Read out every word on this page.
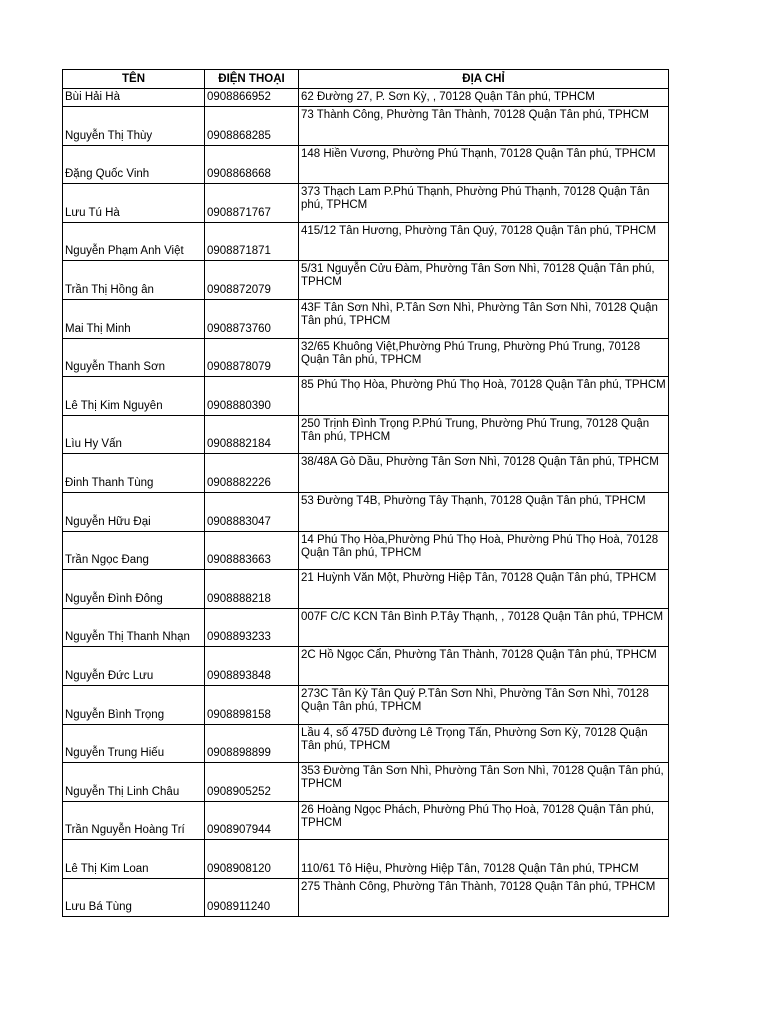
TÊN	ĐIỆN THOẠI	ĐỊA CHỈ
Bùi Hải Hà	0908866952	62 Đường 27, P. Sơn Kỳ, , 70128 Quận Tân phú, TPHCM
Nguyễn Thị Thùy	0908868285	73 Thành Công, Phường Tân Thành, 70128 Quận Tân phú, TPHCM
Đặng Quốc Vinh	0908868668	148 Hiền Vương, Phường Phú Thạnh, 70128 Quận Tân phú, TPHCM
Lưu Tú Hà	0908871767	373 Thạch Lam P.Phú Thạnh, Phường Phú Thạnh, 70128 Quận Tân phú, TPHCM
Nguyễn Phạm Anh Việt	0908871871	415/12 Tân Hương, Phường Tân Quý, 70128 Quận Tân phú, TPHCM
Trần Thị Hồng ân	0908872079	5/31 Nguyễn Cửu Đàm, Phường Tân Sơn Nhì, 70128 Quận Tân phú, TPHCM
Mai Thị Minh	0908873760	43F Tân Sơn Nhì, P.Tân Sơn Nhì, Phường Tân Sơn Nhì, 70128 Quận Tân phú, TPHCM
Nguyễn Thanh Sơn	0908878079	32/65 Khuông Việt,Phường Phú Trung, Phường Phú Trung, 70128 Quận Tân phú, TPHCM
Lê Thị Kim Nguyên	0908880390	85 Phú Thọ Hòa, Phường Phú Thọ Hoà, 70128 Quận Tân phú, TPHCM
Lìu Hy Vấn	0908882184	250 Trịnh Đình Trọng P.Phú Trung, Phường Phú Trung, 70128 Quận Tân phú, TPHCM
Đinh Thanh Tùng	0908882226	38/48A Gò Dầu, Phường Tân Sơn Nhì, 70128 Quận Tân phú, TPHCM
Nguyễn Hữu Đại	0908883047	53 Đường T4B, Phường Tây Thạnh, 70128 Quận Tân phú, TPHCM
Trần Ngọc Đang	0908883663	14 Phú Thọ Hòa,Phường Phú Thọ Hoà, Phường Phú Thọ Hoà, 70128 Quận Tân phú, TPHCM
Nguyễn Đình Đông	0908888218	21 Huỳnh Văn Một, Phường Hiệp Tân, 70128 Quận Tân phú, TPHCM
Nguyễn Thị Thanh Nhạn	0908893233	007F C/C KCN Tân Bình P.Tây Thạnh, , 70128 Quận Tân phú, TPHCM
Nguyễn Đức Lưu	0908893848	2C Hồ Ngọc Cẩn, Phường Tân Thành, 70128 Quận Tân phú, TPHCM
Nguyễn Bình Trọng	0908898158	273C Tân Kỳ Tân Quý P.Tân Sơn Nhì, Phường Tân Sơn Nhì, 70128 Quận Tân phú, TPHCM
Nguyễn Trung Hiếu	0908898899	Lầu 4, số 475D đường Lê Trọng Tấn, Phường Sơn Kỳ, 70128 Quận Tân phú, TPHCM
Nguyễn Thị Linh Châu	0908905252	353 Đường Tân Sơn Nhì, Phường Tân Sơn Nhì, 70128 Quận Tân phú, TPHCM
Trần Nguyễn Hoàng Trí	0908907944	26 Hoàng Ngọc Phách, Phường Phú Thọ Hoà, 70128 Quận Tân phú, TPHCM
Lê Thị Kim Loan	0908908120	110/61 Tô Hiệu, Phường Hiệp Tân, 70128 Quận Tân phú, TPHCM
Lưu Bá Tùng	0908911240	275 Thành Công, Phường Tân Thành, 70128 Quận Tân phú, TPHCM
